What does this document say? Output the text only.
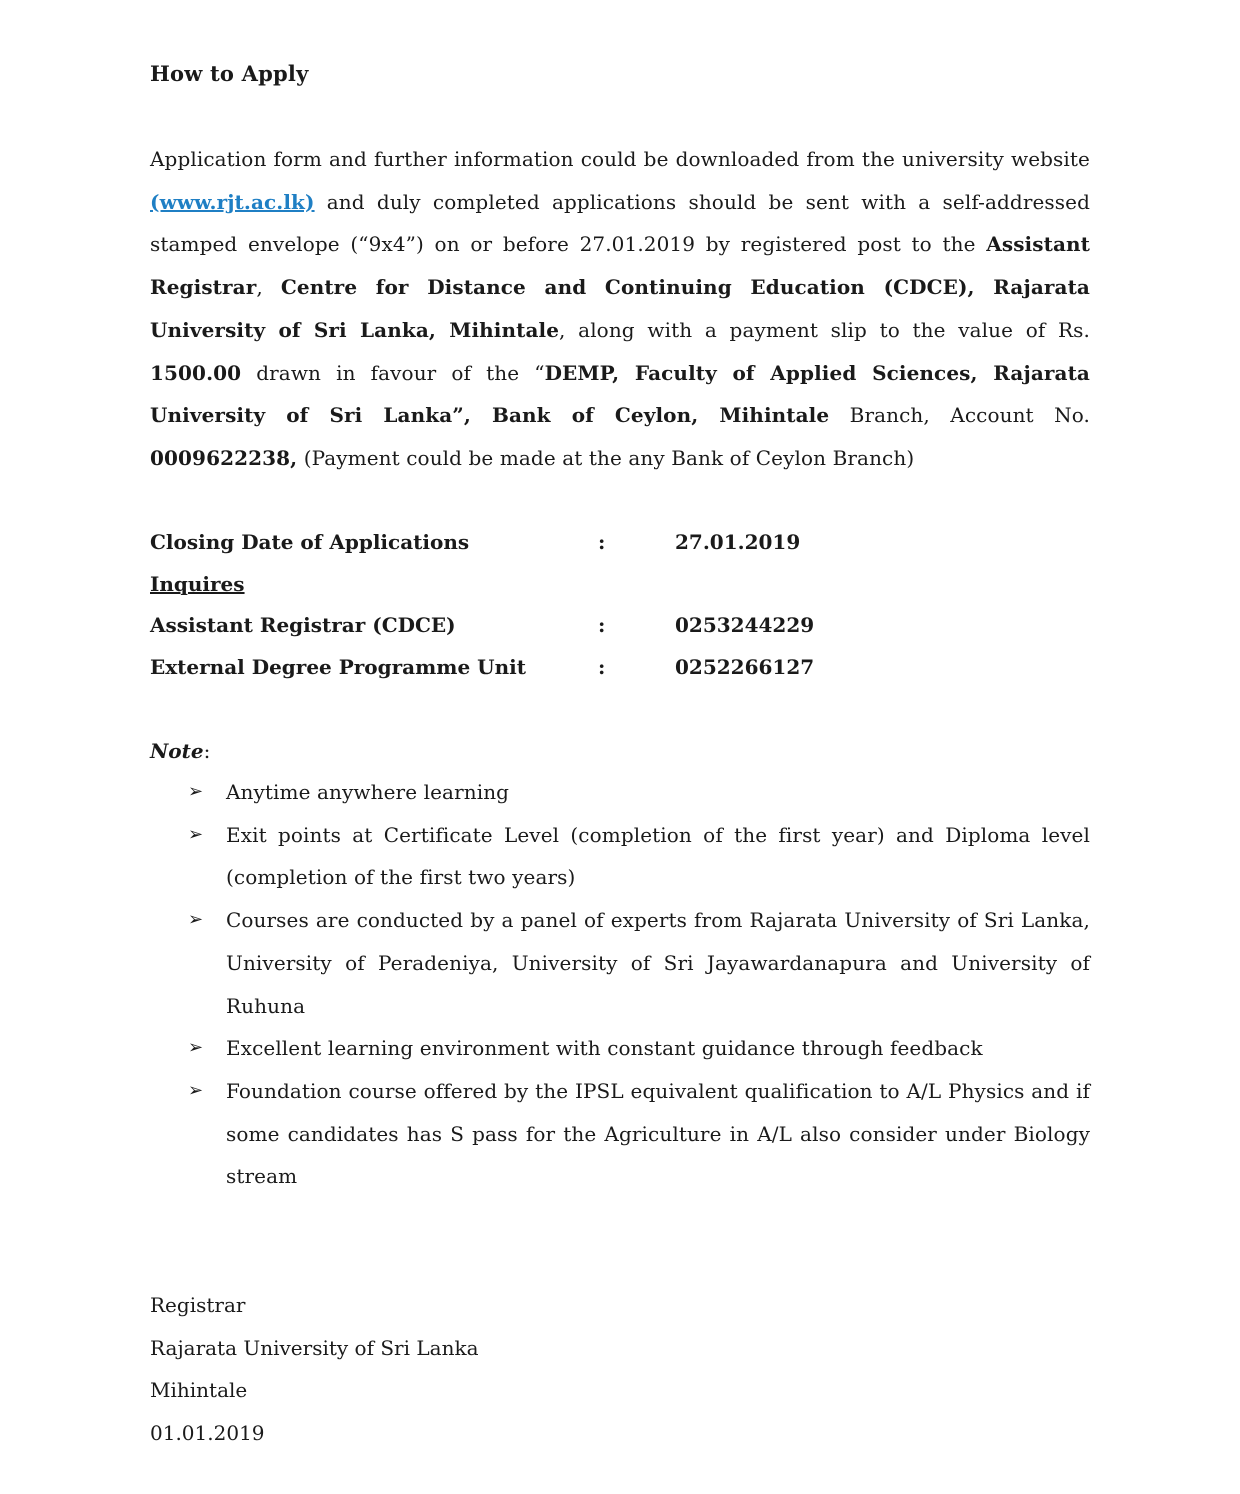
How to Apply
Application form and further information could be downloaded from the university website (www.rjt.ac.lk) and duly completed applications should be sent with a self-addressed stamped envelope (“9x4”) on or before 27.01.2019 by registered post to the Assistant Registrar, Centre for Distance and Continuing Education (CDCE), Rajarata University of Sri Lanka, Mihintale, along with a payment slip to the value of Rs. 1500.00 drawn in favour of the “DEMP, Faculty of Applied Sciences, Rajarata University of Sri Lanka”, Bank of Ceylon, Mihintale Branch, Account No. 0009622238, (Payment could be made at the any Bank of Ceylon Branch)
Closing Date of Applications	:	27.01.2019
Inquires
Assistant Registrar (CDCE)	:	0253244229
External Degree Programme Unit	:	0252266127
Note:
➢ Anytime anywhere learning
➢ Exit points at Certificate Level (completion of the first year) and Diploma level (completion of the first two years)
➢ Courses are conducted by a panel of experts from Rajarata University of Sri Lanka, University of Peradeniya, University of Sri Jayawardanapura and University of Ruhuna
➢ Excellent learning environment with constant guidance through feedback
➢ Foundation course offered by the IPSL equivalent qualification to A/L Physics and if some candidates has S pass for the Agriculture in A/L also consider under Biology stream
Registrar
Rajarata University of Sri Lanka
Mihintale
01.01.2019
